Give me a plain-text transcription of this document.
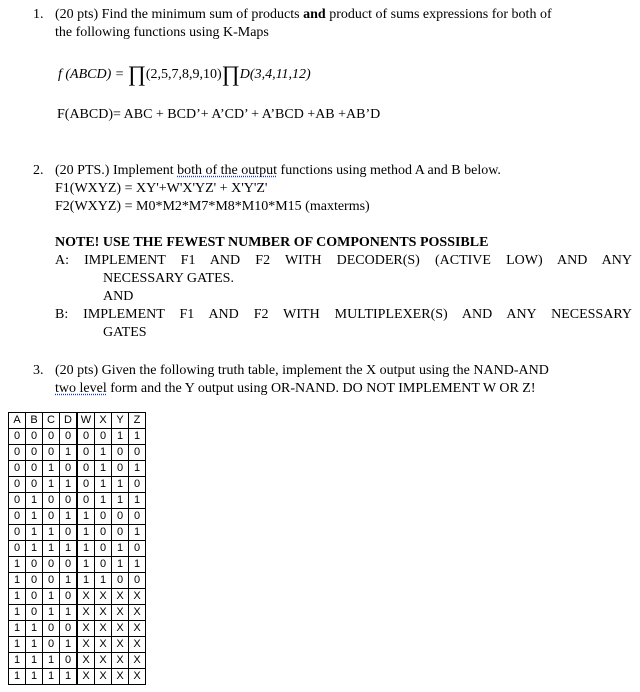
1. (20 pts) Find the minimum sum of products and product of sums expressions for both of
the following functions using K-Maps
f (ABCD) = ∏(2,5,7,8,9,10)∏D(3,4,11,12)
F(ABCD)= ABC + BCD’+ A’CD’ + A’BCD +AB +AB’D
2. (20 PTS.) Implement both of the output functions using method A and B below.
F1(WXYZ) = XY'+W'X'YZ' + X'Y'Z'
F2(WXYZ) = M0*M2*M7*M8*M10*M15 (maxterms)
NOTE! USE THE FEWEST NUMBER OF COMPONENTS POSSIBLE
A: IMPLEMENT F1 AND F2 WITH DECODER(S) (ACTIVE LOW) AND ANY
NECESSARY GATES.
AND
B: IMPLEMENT F1 AND F2 WITH MULTIPLEXER(S) AND ANY NECESSARY
GATES
3. (20 pts) Given the following truth table, implement the X output using the NAND-AND
two level form and the Y output using OR-NAND. DO NOT IMPLEMENT W OR Z!
A	B	C	D	W	X	Y	Z
0	0	0	0	0	0	1	1
0	0	0	1	0	1	0	0
0	0	1	0	0	1	0	1
0	0	1	1	0	1	1	0
0	1	0	0	0	1	1	1
0	1	0	1	1	0	0	0
0	1	1	0	1	0	0	1
0	1	1	1	1	0	1	0
1	0	0	0	1	0	1	1
1	0	0	1	1	1	0	0
1	0	1	0	X	X	X	X
1	0	1	1	X	X	X	X
1	1	0	0	X	X	X	X
1	1	0	1	X	X	X	X
1	1	1	0	X	X	X	X
1	1	1	1	X	X	X	X
